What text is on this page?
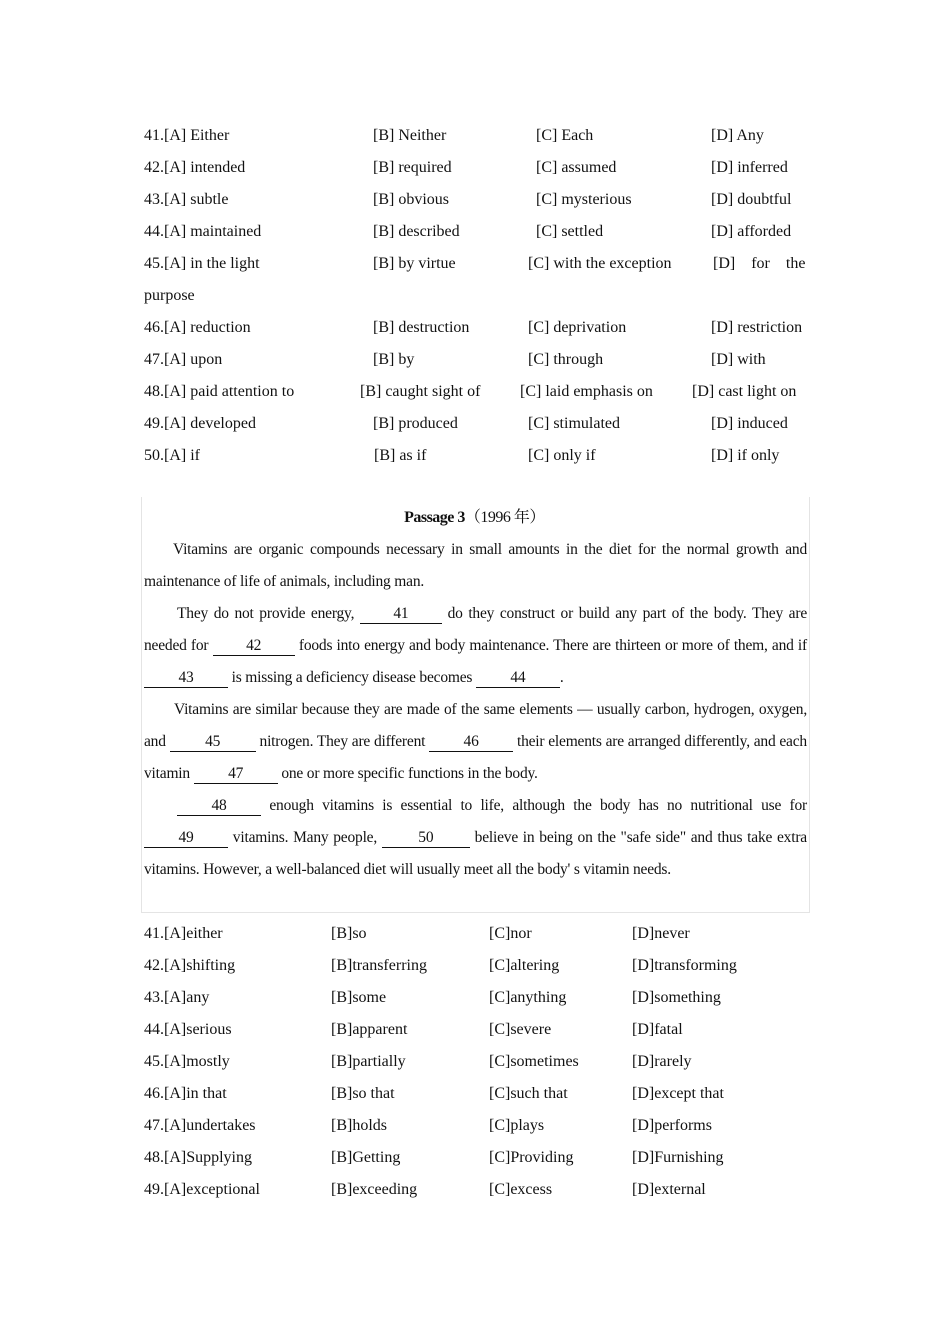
41.[A] Either	[B] Neither	[C] Each	[D] Any
42.[A] intended	[B] required	[C] assumed	[D] inferred
43.[A] subtle	[B] obvious	[C] mysterious	[D] doubtful
44.[A] maintained	[B] described	[C] settled	[D] afforded
45.[A] in the light	[B] by virtue	[C] with the exception	[D]    for    the
purpose
46.[A] reduction	[B] destruction	[C] deprivation	[D] restriction
47.[A] upon	[B] by	[C] through	[D] with
48.[A] paid attention to	[B] caught sight of [C] laid emphasis on [D] cast light on
49.[A] developed	[B] produced	[C] stimulated	[D] induced
50.[A] if	[B] as if	[C] only if	[D] if only
Passage 3（1996 年）

Vitamins are organic compounds necessary in small amounts in the diet for the normal growth and maintenance of life of animals, including man.

They do not provide energy, 41 do they construct or build any part of the body. They are needed for 42 foods into energy and body maintenance. There are thirteen or more of them, and if 43 is missing a deficiency disease becomes 44 .

Vitamins are similar because they are made of the same elements — usually carbon, hydrogen, oxygen, and 45 nitrogen. They are different 46 their elements are arranged differently, and each vitamin 47 one or more specific functions in the body.

48 enough vitamins is essential to life, although the body has no nutritional use for 49 vitamins. Many people, 50 believe in being on the "safe side" and thus take extra vitamins. However, a well-balanced diet will usually meet all the body' s vitamin needs.

41.[A]either	[B]so	[C]nor	[D]never
42.[A]shifting	[B]transferring	[C]altering	[D]transforming
43.[A]any	[B]some	[C]anything	[D]something
44.[A]serious	[B]apparent	[C]severe	[D]fatal
45.[A]mostly	[B]partially	[C]sometimes	[D]rarely
46.[A]in that	[B]so that	[C]such that	[D]except that
47.[A]undertakes	[B]holds	[C]plays	[D]performs
48.[A]Supplying	[B]Getting	[C]Providing	[D]Furnishing
49.[A]exceptional	[B]exceeding	[C]excess	[D]external
